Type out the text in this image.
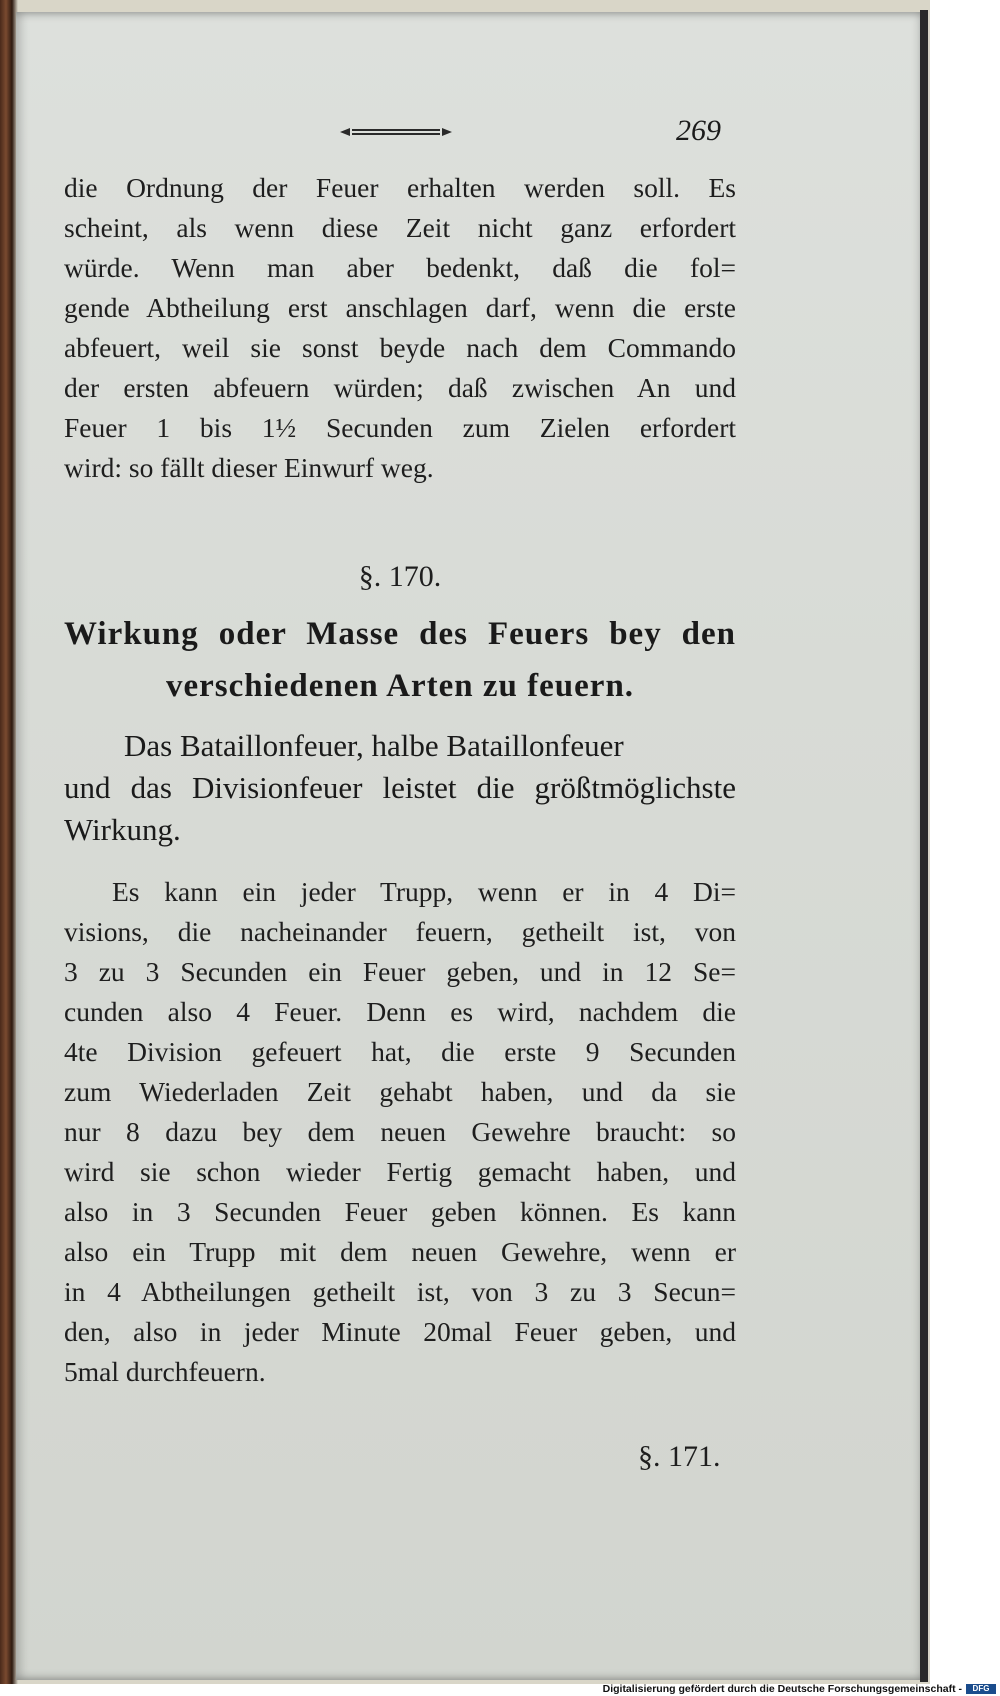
269
die Ordnung der Feuer erhalten werden soll. Es
scheint, als wenn diese Zeit nicht ganz erfordert
würde. Wenn man aber bedenkt, daß die fol=
gende Abtheilung erst anschlagen darf, wenn die erste
abfeuert, weil sie sonst beyde nach dem Commando
der ersten abfeuern würden; daß zwischen An und
Feuer 1 bis 1½ Secunden zum Zielen erfordert
wird: so fällt dieser Einwurf weg.
§. 170.
Wirkung oder Masse des Feuers bey den
verschiedenen Arten zu feuern.
Das Bataillonfeuer, halbe Bataillonfeuer
und das Divisionfeuer leistet die größtmöglichste
Wirkung.
Es kann ein jeder Trupp, wenn er in 4 Di=
visions, die nacheinander feuern, getheilt ist, von
3 zu 3 Secunden ein Feuer geben, und in 12 Se=
cunden also 4 Feuer. Denn es wird, nachdem die
4te Division gefeuert hat, die erste 9 Secunden
zum Wiederladen Zeit gehabt haben, und da sie
nur 8 dazu bey dem neuen Gewehre braucht: so
wird sie schon wieder Fertig gemacht haben, und
also in 3 Secunden Feuer geben können. Es kann
also ein Trupp mit dem neuen Gewehre, wenn er
in 4 Abtheilungen getheilt ist, von 3 zu 3 Secun=
den, also in jeder Minute 20mal Feuer geben, und
5mal durchfeuern.
§. 171.
Digitalisierung gefördert durch die Deutsche Forschungsgemeinschaft -	DFG
